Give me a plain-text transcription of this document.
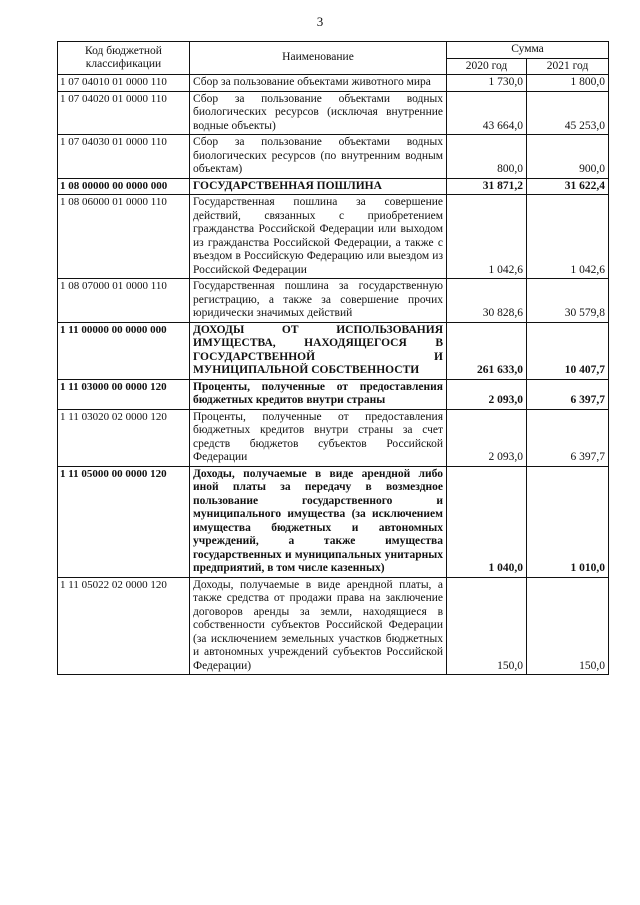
3
Код бюджетной классификации	Наименование	Сумма	
		2020 год	2021 год
1 07 04010 01 0000 110	Сбор за пользование объектами животного мира	1 730,0	1 800,0
1 07 04020 01 0000 110	Сбор за пользование объектами водных биологических ресурсов (исключая внутренние водные объекты)	43 664,0	45 253,0
1 07 04030 01 0000 110	Сбор за пользование объектами водных биологических ресурсов (по внутренним водным объектам)	800,0	900,0
1 08 00000 00 0000 000	ГОСУДАРСТВЕННАЯ ПОШЛИНА	31 871,2	31 622,4
1 08 06000 01 0000 110	Государственная пошлина за совершение действий, связанных с приобретением гражданства Российской Федерации или выходом из гражданства Российской Федерации, а также с въездом в Российскую Федерацию или выездом из Российской Федерации	1 042,6	1 042,6
1 08 07000 01 0000 110	Государственная пошлина за государственную регистрацию, а также за совершение прочих юридически значимых действий	30 828,6	30 579,8
1 11 00000 00 0000 000	ДОХОДЫ ОТ ИСПОЛЬЗОВАНИЯ ИМУЩЕСТВА, НАХОДЯЩЕГОСЯ В ГОСУДАРСТВЕННОЙ И МУНИЦИПАЛЬНОЙ СОБСТВЕННОСТИ	261 633,0	10 407,7
1 11 03000 00 0000 120	Проценты, полученные от предоставления бюджетных кредитов внутри страны	2 093,0	6 397,7
1 11 03020 02 0000 120	Проценты, полученные от предоставления бюджетных кредитов внутри страны за счет средств бюджетов субъектов Российской Федерации	2 093,0	6 397,7
1 11 05000 00 0000 120	Доходы, получаемые в виде арендной либо иной платы за передачу в возмездное пользование государственного и муниципального имущества (за исключением имущества бюджетных и автономных учреждений, а также имущества государственных и муниципальных унитарных предприятий, в том числе казенных)	1 040,0	1 010,0
1 11 05022 02 0000 120	Доходы, получаемые в виде арендной платы, а также средства от продажи права на заключение договоров аренды за земли, находящиеся в собственности субъектов Российской Федерации (за исключением земельных участков бюджетных и автономных учреждений субъектов Российской Федерации)	150,0	150,0
